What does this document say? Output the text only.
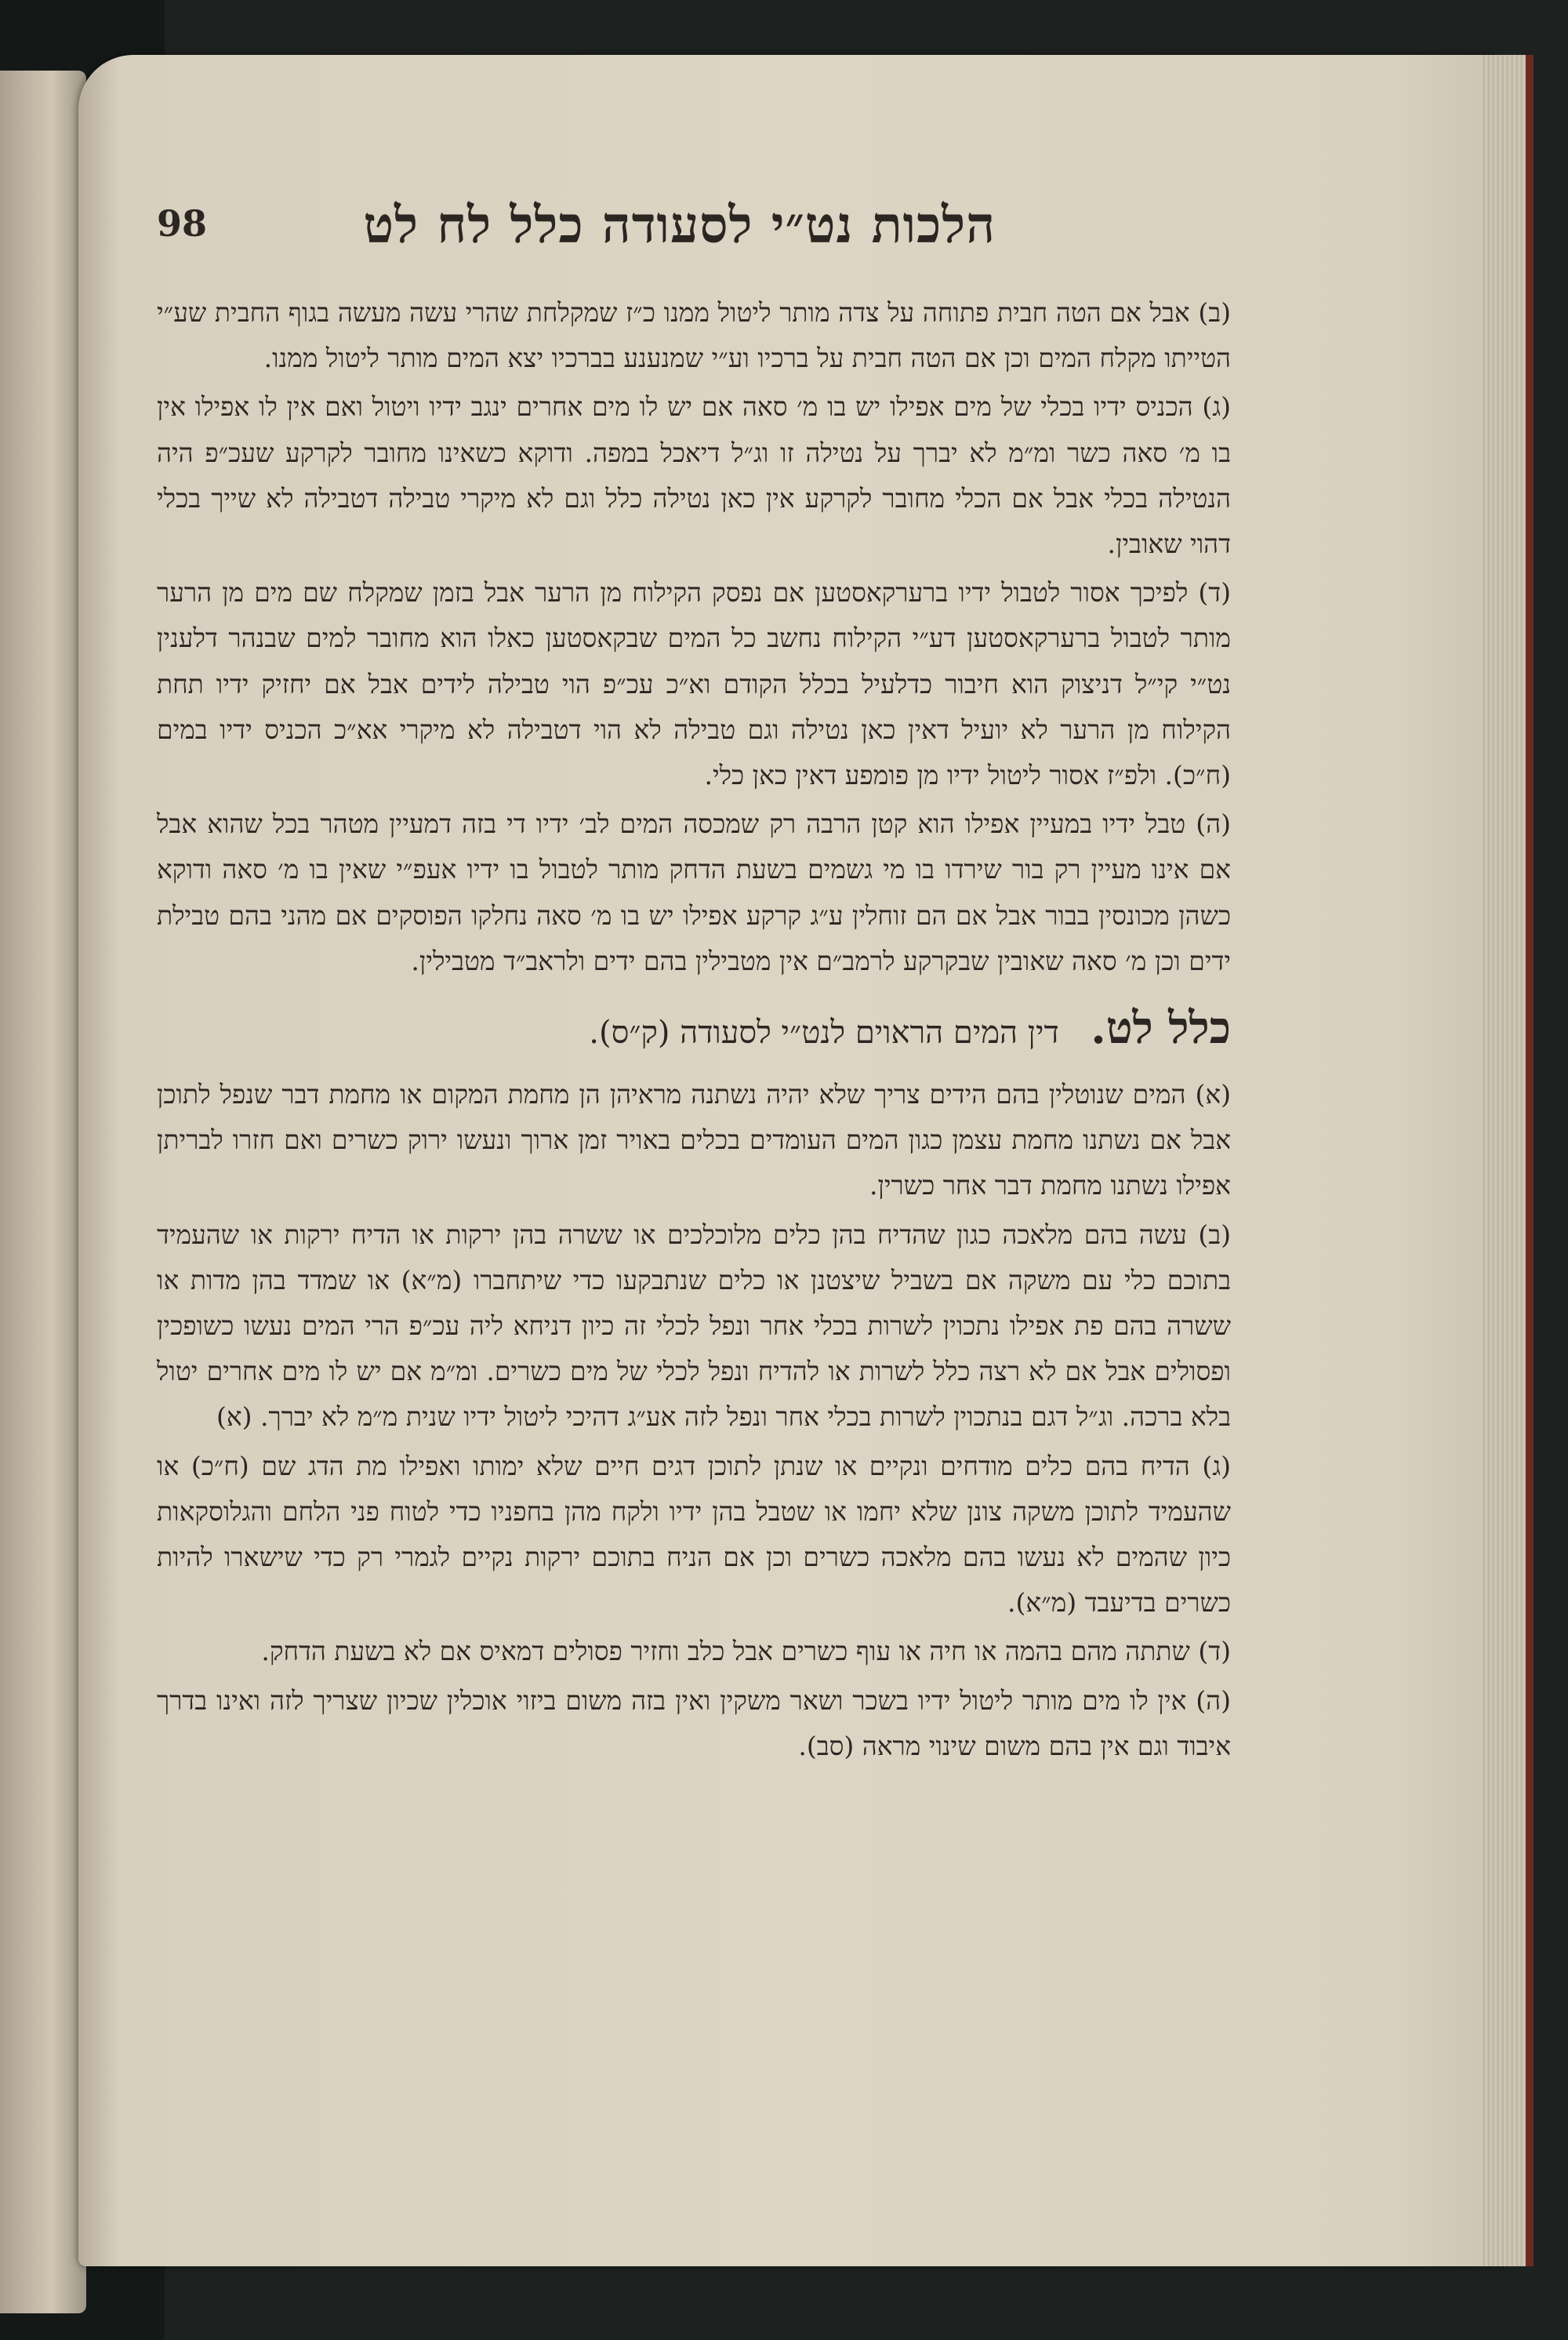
הלכות נט״י לסעודה כלל לח לט
98

(ב) אבל אם הטה חבית פתוחה על צדה מותר ליטול ממנו כ״ז שמקלחת שהרי עשה מעשה בגוף החבית שע״י הטייתו מקלח המים וכן אם הטה חבית על ברכיו וע״י שמנענע בברכיו יצא המים מותר ליטול ממנו.

(ג) הכניס ידיו בכלי של מים אפילו יש בו מ׳ סאה אם יש לו מים אחרים ינגב ידיו ויטול ואם אין לו אפילו אין בו מ׳ סאה כשר ומ״מ לא יברך על נטילה זו וג״ל דיאכל במפה. ודוקא כשאינו מחובר לקרקע שעכ״פ היה הנטילה בכלי אבל אם הכלי מחובר לקרקע אין כאן נטילה כלל וגם לא מיקרי טבילה דטבילה לא שייך בכלי דהוי שאובין.

(ד) לפיכך אסור לטבול ידיו ברערקאסטען אם נפסק הקילוח מן הרער אבל בזמן שמקלח שם מים מן הרער מותר לטבול ברערקאסטען דע״י הקילוח נחשב כל המים שבקאסטען כאלו הוא מחובר למים שבנהר דלענין נט״י קי״ל דניצוק הוא חיבור כדלעיל בכלל הקודם וא״כ עכ״פ הוי טבילה לידים אבל אם יחזיק ידיו תחת הקילוח מן הרער לא יועיל דאין כאן נטילה וגם טבילה לא הוי דטבילה לא מיקרי אא״כ הכניס ידיו במים (ח״כ). ולפ״ז אסור ליטול ידיו מן פומפע דאין כאן כלי.

(ה) טבל ידיו במעיין אפילו הוא קטן הרבה רק שמכסה המים לב׳ ידיו די בזה דמעיין מטהר בכל שהוא אבל אם אינו מעיין רק בור שירדו בו מי גשמים בשעת הדחק מותר לטבול בו ידיו אעפ״י שאין בו מ׳ סאה ודוקא כשהן מכונסין בבור אבל אם הם זוחלין ע״ג קרקע אפילו יש בו מ׳ סאה נחלקו הפוסקים אם מהני בהם טבילת ידים וכן מ׳ סאה שאובין שבקרקע לרמב״ם אין מטבילין בהם ידים ולראב״ד מטבילין.

כלל לט. דין המים הראוים לנט״י לסעודה (ק״ס).

(א) המים שנוטלין בהם הידים צריך שלא יהיה נשתנה מראיהן הן מחמת המקום או מחמת דבר שנפל לתוכן אבל אם נשתנו מחמת עצמן כגון המים העומדים בכלים באויר זמן ארוך ונעשו ירוק כשרים ואם חזרו לבריתן אפילו נשתנו מחמת דבר אחר כשרין.

(ב) עשה בהם מלאכה כגון שהדיח בהן כלים מלוכלכים או ששרה בהן ירקות או הדיח ירקות או שהעמיד בתוכם כלי עם משקה אם בשביל שיצטנן או כלים שנתבקעו כדי שיתחברו (מ״א) או שמדד בהן מדות או ששרה בהם פת אפילו נתכוין לשרות בכלי אחר ונפל לכלי זה כיון דניחא ליה עכ״פ הרי המים נעשו כשופכין ופסולים אבל אם לא רצה כלל לשרות או להדיח ונפל לכלי של מים כשרים. ומ״מ אם יש לו מים אחרים יטול בלא ברכה. וג״ל דגם בנתכוין לשרות בכלי אחר ונפל לזה אע״ג דהיכי ליטול ידיו שנית מ״מ לא יברך. (א)

(ג) הדיח בהם כלים מודחים ונקיים או שנתן לתוכן דגים חיים שלא ימותו ואפילו מת הדג שם (ח״כ) או שהעמיד לתוכן משקה צונן שלא יחמו או שטבל בהן ידיו ולקח מהן בחפניו כדי לטוח פני הלחם והגלוסקאות כיון שהמים לא נעשו בהם מלאכה כשרים וכן אם הניח בתוכם ירקות נקיים לגמרי רק כדי שישארו להיות כשרים בדיעבד (מ״א).

(ד) שתתה מהם בהמה או חיה או עוף כשרים אבל כלב וחזיר פסולים דמאיס אם לא בשעת הדחק.

(ה) אין לו מים מותר ליטול ידיו בשכר ושאר משקין ואין בזה משום ביזוי אוכלין שכיון שצריך לזה ואינו בדרך איבוד וגם אין בהם משום שינוי מראה (סב).
